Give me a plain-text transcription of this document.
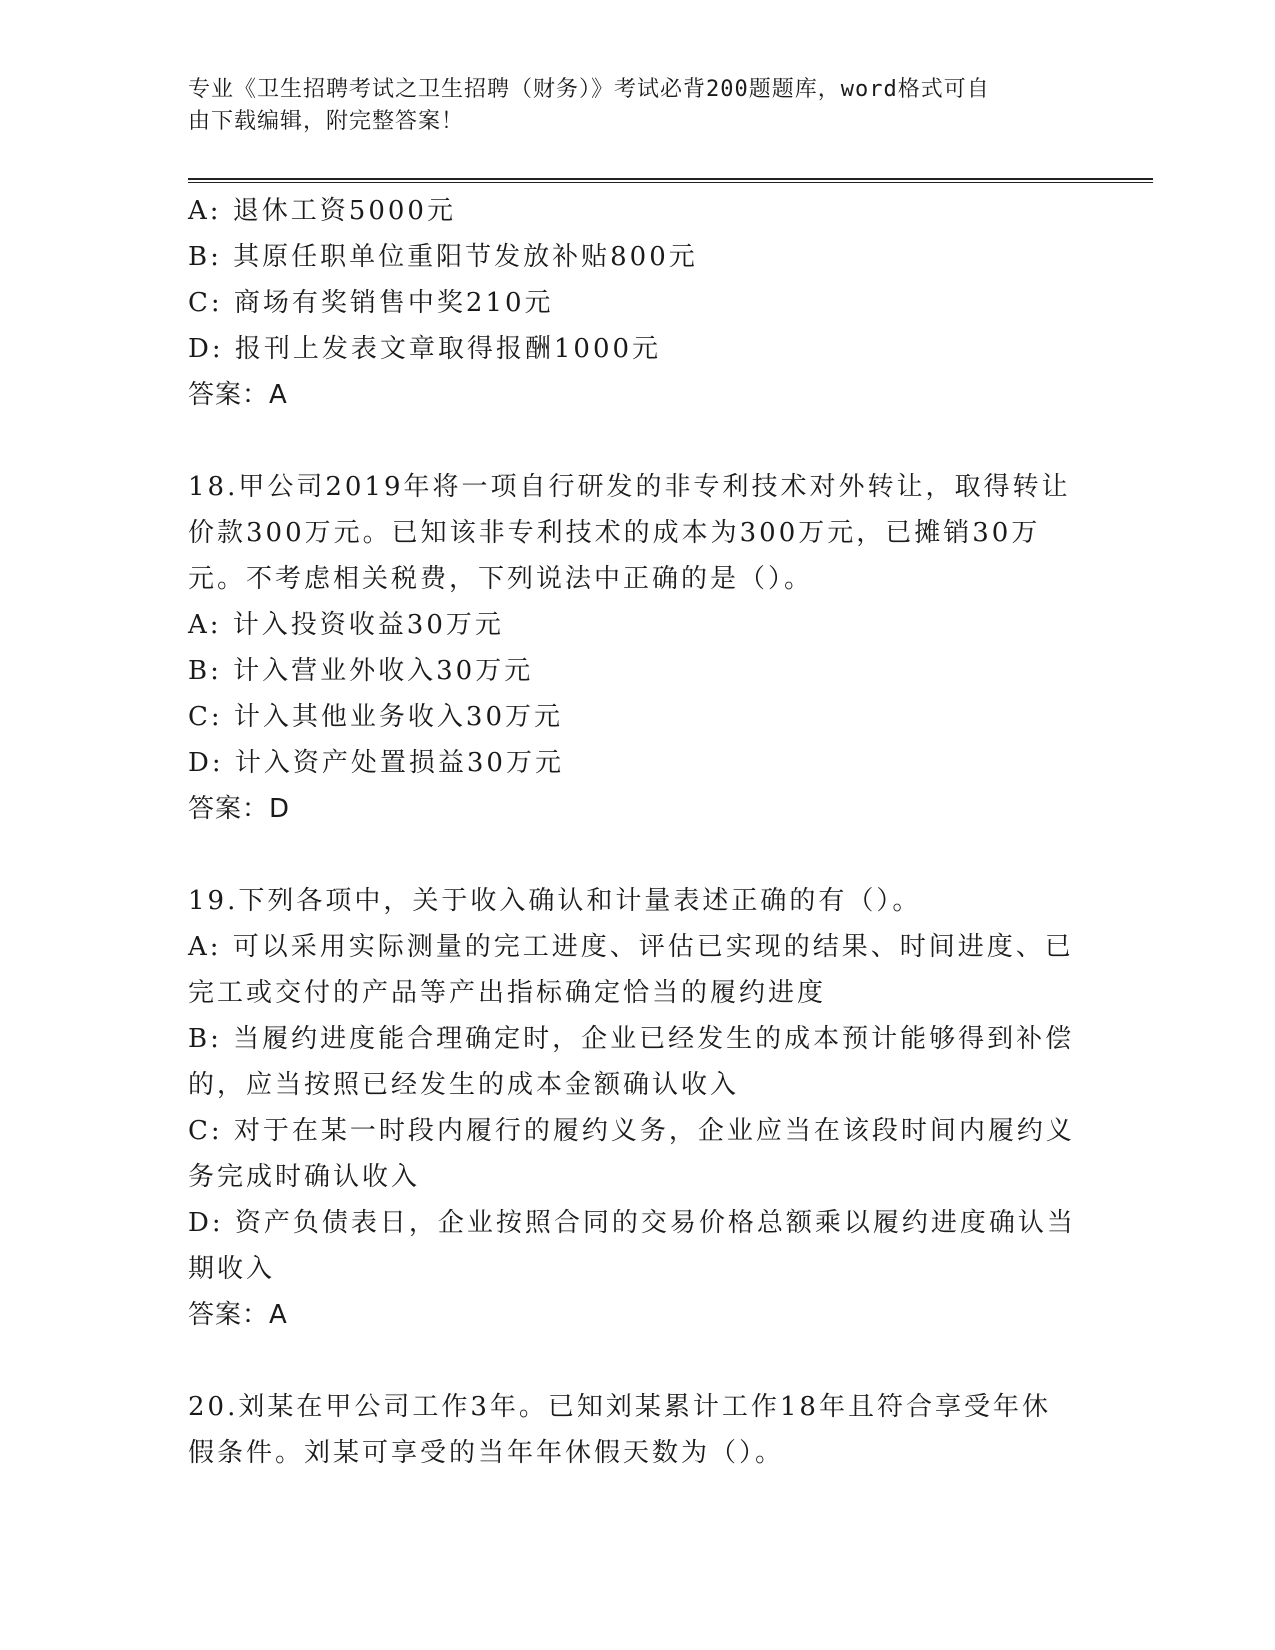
专业《卫生招聘考试之卫生招聘（财务）》考试必背200题题库，word格式可自
由下载编辑，附完整答案！

A: 退休工资5000元

B: 其原任职单位重阳节发放补贴800元

C: 商场有奖销售中奖210元

D: 报刊上发表文章取得报酬1000元

答案：A

18.甲公司2019年将一项自行研发的非专利技术对外转让，取得转让价款300万元。已知该非专利技术的成本为300万元，已摊销30万元。不考虑相关税费，下列说法中正确的是（）。

A: 计入投资收益30万元

B: 计入营业外收入30万元

C: 计入其他业务收入30万元

D: 计入资产处置损益30万元

答案：D

19.下列各项中，关于收入确认和计量表述正确的有（）。

A: 可以采用实际测量的完工进度、评估已实现的结果、时间进度、已完工或交付的产品等产出指标确定恰当的履约进度

B: 当履约进度能合理确定时，企业已经发生的成本预计能够得到补偿的，应当按照已经发生的成本金额确认收入

C: 对于在某一时段内履行的履约义务，企业应当在该段时间内履约义务完成时确认收入

D: 资产负债表日，企业按照合同的交易价格总额乘以履约进度确认当期收入

答案：A

20.刘某在甲公司工作3年。已知刘某累计工作18年且符合享受年休假条件。刘某可享受的当年年休假天数为（）。
